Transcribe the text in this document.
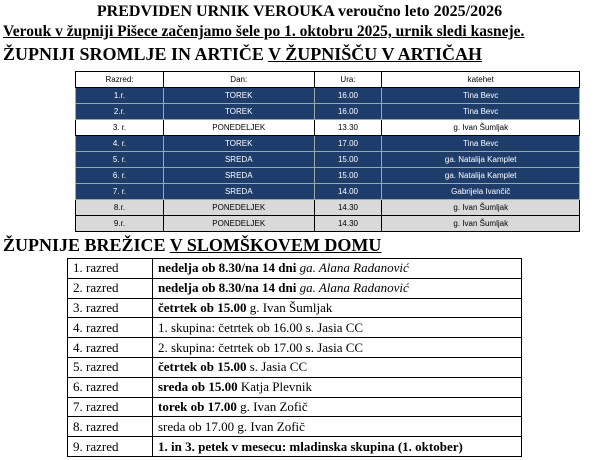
PREDVIDEN URNIK VEROUKA veroučno leto 2025/2026
Verouk v župniji Pišece začenjamo šele po 1. oktobru 2025, urnik sledi kasneje.
ŽUPNIJI SROMLJE IN ARTIČE V ŽUPNIŠČU V ARTIČAH
Razred:	Dan:	Ura:	katehet
1.r.	TOREK	16.00	Tina Bevc
2.r.	TOREK	16.00	Tina Bevc
3. r.	PONEDELJEK	13.30	g. Ivan Šumljak
4. r.	TOREK	17.00	Tina Bevc
5. r.	SREDA	15.00	ga. Natalija Kamplet
6. r.	SREDA	15.00	ga. Natalija Kamplet
7. r.	SREDA	14.00	Gabrijela Ivančič
8.r.	PONEDELJEK	14.30	g. Ivan Šumljak
9.r.	PONEDELJEK	14.30	g. Ivan Šumljak
ŽUPNIJE BREŽICE V SLOMŠKOVEM DOMU
1. razred	nedelja ob 8.30/na 14 dni ga. Alana Radanović
2. razred	nedelja ob 8.30/na 14 dni ga. Alana Radanović
3. razred	četrtek ob 15.00 g. Ivan Šumljak
4. razred	1. skupina: četrtek ob 16.00 s. Jasia CC
4. razred	2. skupina: četrtek ob 17.00 s. Jasia CC
5. razred	četrtek ob 15.00 s. Jasia CC
6. razred	sreda ob 15.00 Katja Plevnik
7. razred	torek ob 17.00 g. Ivan Zofič
8. razred	sreda ob 17.00 g. Ivan Zofič
9. razred	1. in 3. petek v mesecu: mladinska skupina (1. oktober)
